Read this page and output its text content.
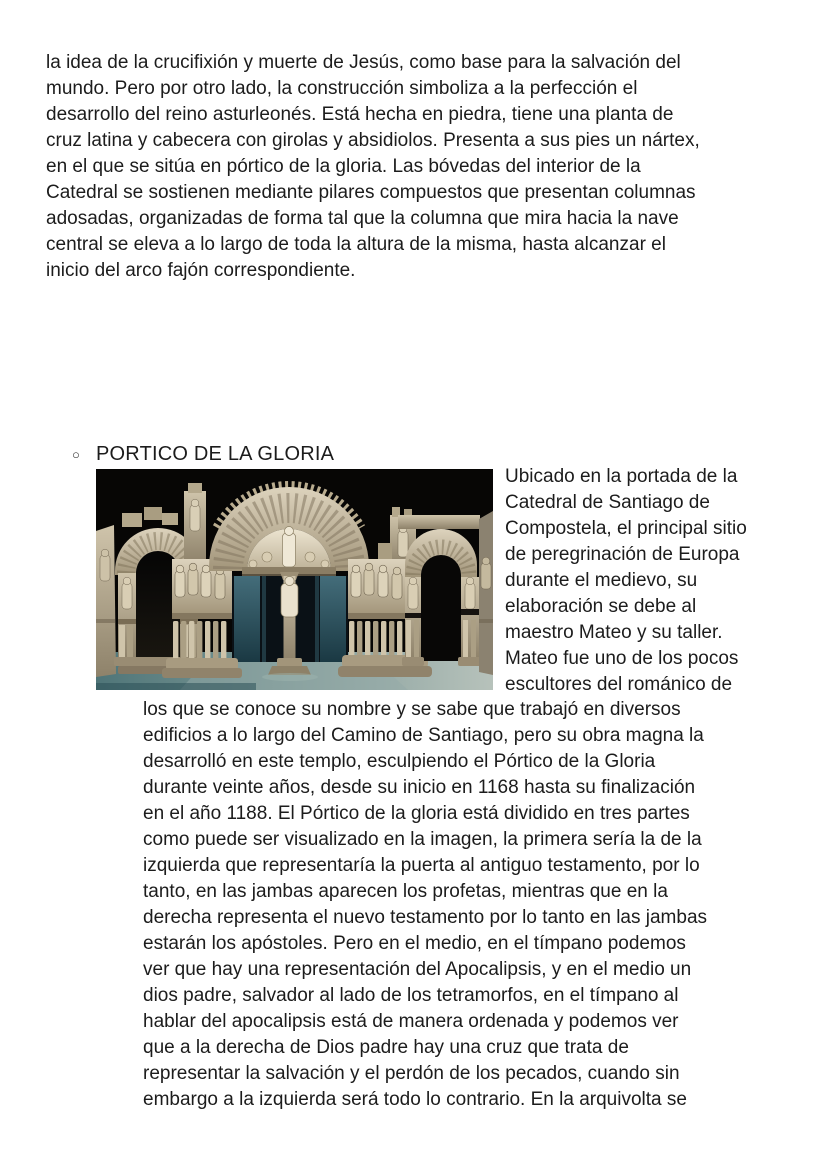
la idea de la crucifixión y muerte de Jesús, como base para la salvación del
mundo. Pero por otro lado, la construcción simboliza a la perfección el
desarrollo del reino asturleonés. Está hecha en piedra, tiene una planta de
cruz latina y cabecera con girolas y absidiolos. Presenta a sus pies un nártex,
en el que se sitúa en pórtico de la gloria. Las bóvedas del interior de la
Catedral se sostienen mediante pilares compuestos que presentan columnas
adosadas, organizadas de forma tal que la columna que mira hacia la nave
central se eleva a lo largo de toda la altura de la misma, hasta alcanzar el
inicio del arco fajón correspondiente.
○ PORTICO DE LA GLORIA
Ubicado en la portada de la
Catedral de Santiago de
Compostela, el principal sitio
de peregrinación de Europa
durante el medievo, su
elaboración se debe al
maestro Mateo y su taller.
Mateo fue uno de los pocos
escultores del románico de
los que se conoce su nombre y se sabe que trabajó en diversos
edificios a lo largo del Camino de Santiago, pero su obra magna la
desarrolló en este templo, esculpiendo el Pórtico de la Gloria
durante veinte años, desde su inicio en 1168 hasta su finalización
en el año 1188. El Pórtico de la gloria está dividido en tres partes
como puede ser visualizado en la imagen, la primera sería la de la
izquierda que representaría la puerta al antiguo testamento, por lo
tanto, en las jambas aparecen los profetas, mientras que en la
derecha representa el nuevo testamento por lo tanto en las jambas
estarán los apóstoles. Pero en el medio, en el tímpano podemos
ver que hay una representación del Apocalipsis, y en el medio un
dios padre, salvador al lado de los tetramorfos, en el tímpano al
hablar del apocalipsis está de manera ordenada y podemos ver
que a la derecha de Dios padre hay una cruz que trata de
representar la salvación y el perdón de los pecados, cuando sin
embargo a la izquierda será todo lo contrario. En la arquivolta se
